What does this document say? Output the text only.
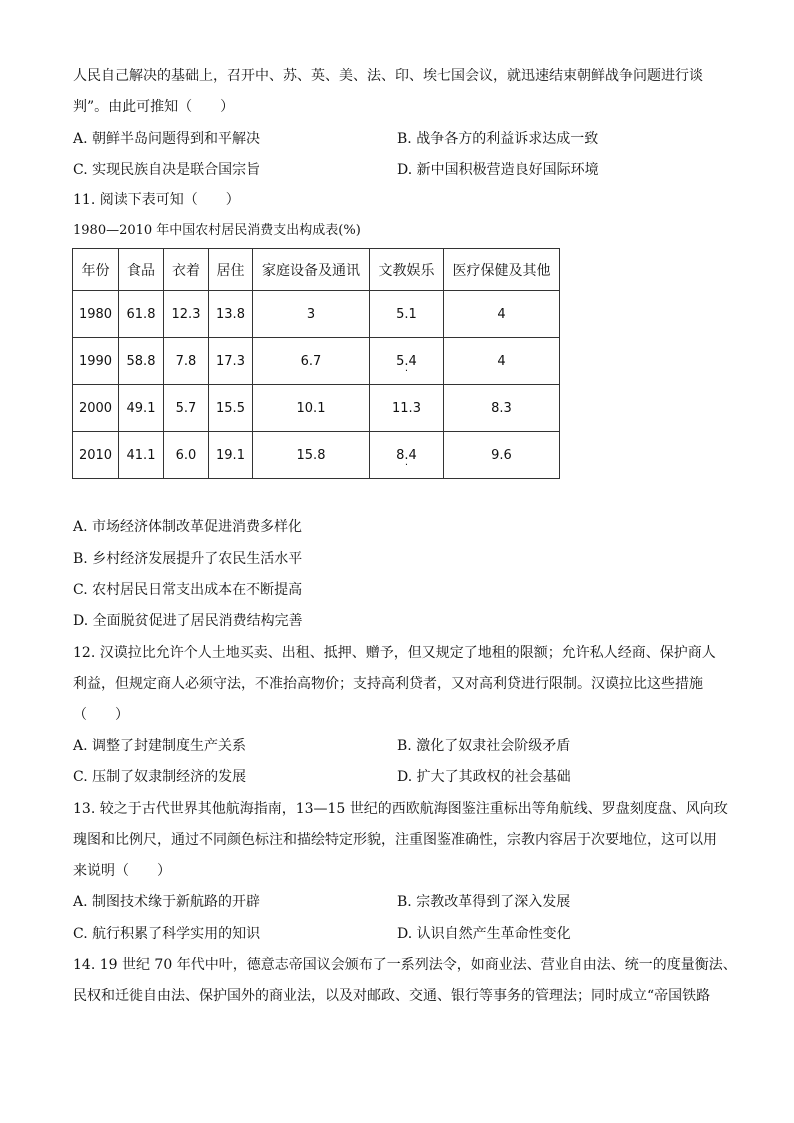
人民自己解决的基础上，召开中、苏、英、美、法、印、埃七国会议，就迅速结束朝鲜战争问题进行谈
判”。由此可推知（　　）
A. 朝鲜半岛问题得到和平解决	B. 战争各方的利益诉求达成一致
C. 实现民族自决是联合国宗旨	D. 新中国积极营造良好国际环境
11. 阅读下表可知（　　）
1980—2010 年中国农村居民消费支出构成表(%)
年份	食品	衣着	居住	家庭设备及通讯	文教娱乐	医疗保健及其他
1980	61.8	12.3	13.8	3	5.1	4
1990	58.8	7.8	17.3	6.7	5.4 ·	4
2000	49.1	5.7	15.5	10.1	11.3	8.3
2010	41.1	6.0	19.1	15.8	8.4 ·	9.6
A. 市场经济体制改革促进消费多样化
B. 乡村经济发展提升了农民生活水平
C. 农村居民日常支出成本在不断提高
D. 全面脱贫促进了居民消费结构完善
12. 汉谟拉比允许个人土地买卖、出租、抵押、赠予，但又规定了地租的限额；允许私人经商、保护商人
利益，但规定商人必须守法，不准抬高物价；支持高利贷者，又对高利贷进行限制。汉谟拉比这些措施
（　　）
A. 调整了封建制度生产关系	B. 激化了奴隶社会阶级矛盾
C. 压制了奴隶制经济的发展	D. 扩大了其政权的社会基础
13. 较之于古代世界其他航海指南，13—15 世纪的西欧航海图鉴注重标出等角航线、罗盘刻度盘、风向玫
瑰图和比例尺，通过不同颜色标注和描绘特定形貌，注重图鉴准确性，宗教内容居于次要地位，这可以用
来说明（　　）
A. 制图技术缘于新航路的开辟	B. 宗教改革得到了深入发展
C. 航行积累了科学实用的知识	D. 认识自然产生革命性变化
14. 19 世纪 70 年代中叶，德意志帝国议会颁布了一系列法令，如商业法、营业自由法、统一的度量衡法、
民权和迁徙自由法、保护国外的商业法，以及对邮政、交通、银行等事务的管理法；同时成立“帝国铁路
